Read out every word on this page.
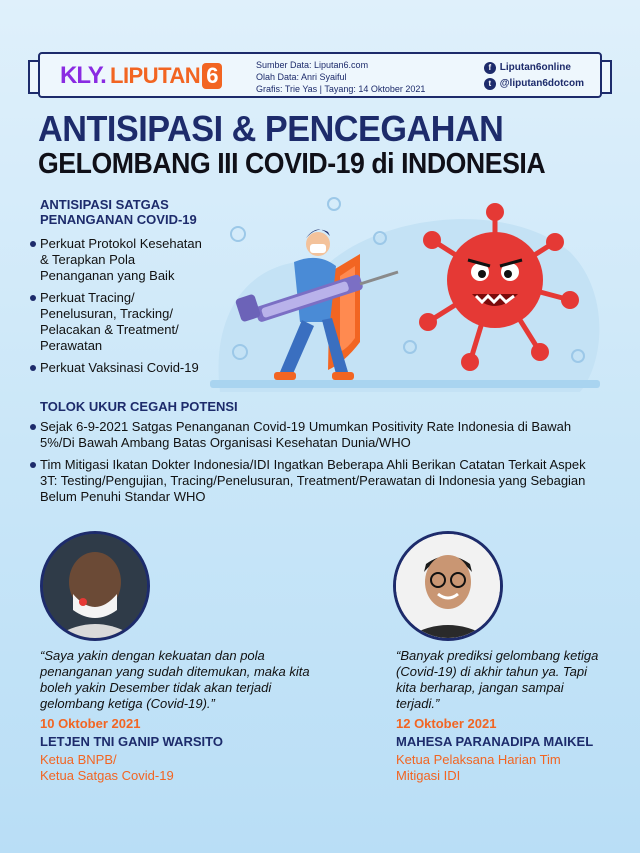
KLY. LIPUTAN 6	Sumber Data: Liputan6.com
Olah Data: Anri Syaiful
Grafis: Trie Yas | Tayang: 14 Oktober 2021
f Liputan6online
t @liputan6dotcom
ANTISIPASI & PENCEGAHAN
GELOMBANG III COVID-19 di INDONESIA
ANTISIPASI SATGAS
PENANGANAN COVID-19
Perkuat Protokol Kesehatan & Terapkan Pola Penanganan yang Baik
Perkuat Tracing/ Penelusuran, Tracking/ Pelacakan & Treatment/ Perawatan
Perkuat Vaksinasi Covid-19
TOLOK UKUR CEGAH POTENSI
Sejak 6-9-2021 Satgas Penanganan Covid-19 Umumkan Positivity Rate Indonesia di Bawah 5%/Di Bawah Ambang Batas Organisasi Kesehatan Dunia/WHO
Tim Mitigasi Ikatan Dokter Indonesia/IDI Ingatkan Beberapa Ahli Berikan Catatan Terkait Aspek 3T: Testing/Pengujian, Tracing/Penelusuran, Treatment/Perawatan di Indonesia yang Sebagian Belum Penuhi Standar WHO
“Saya yakin dengan kekuatan dan pola penanganan yang sudah ditemukan, maka kita boleh yakin Desember tidak akan terjadi gelombang ketiga (Covid-19).”
10 Oktober 2021
LETJEN TNI GANIP WARSITO
Ketua BNPB/
Ketua Satgas Covid-19
“Banyak prediksi gelombang ketiga (Covid-19) di akhir tahun ya. Tapi kita berharap, jangan sampai terjadi.”
12 Oktober 2021
MAHESA PARANADIPA MAIKEL
Ketua Pelaksana Harian Tim
Mitigasi IDI
